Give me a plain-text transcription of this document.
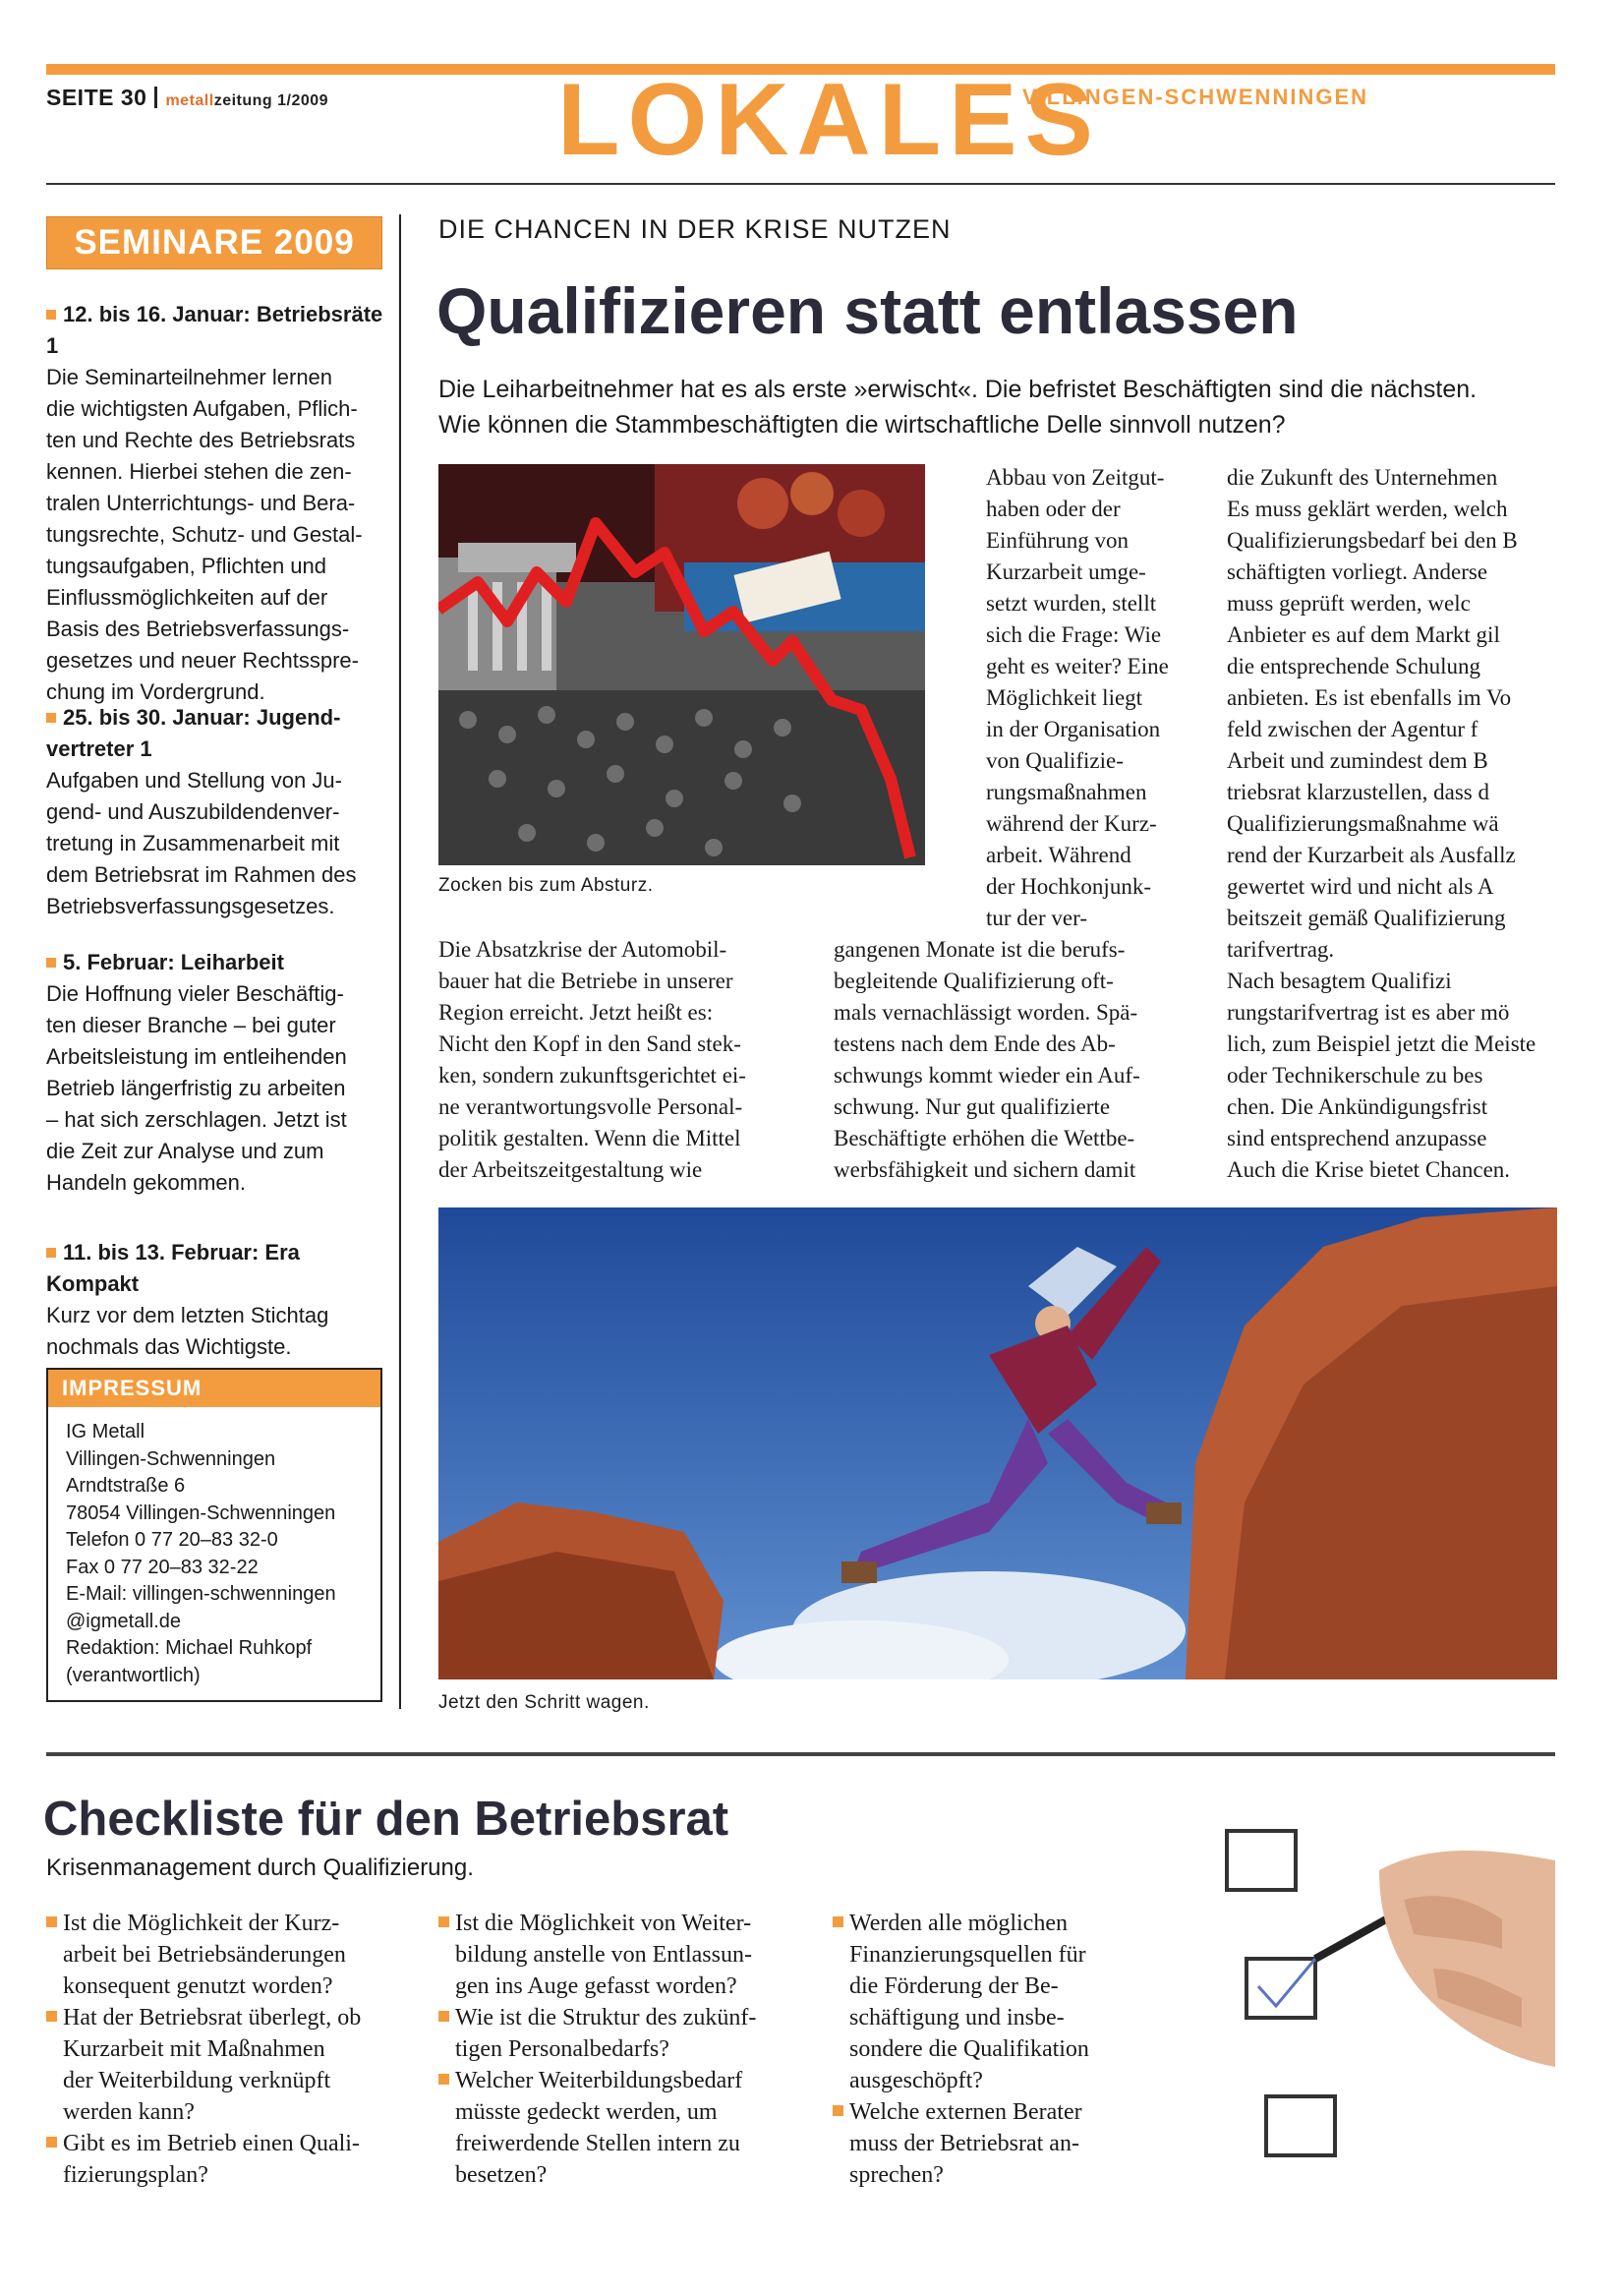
SEITE 30 metallzeitung 1/2009 LOKALES
VILLINGEN-SCHWENNINGEN
SEMINARE 2009
12. bis 16. Januar: Betriebsräte 1
Die Seminarteilnehmer lernen
die wichtigsten Aufgaben, Pflich-
ten und Rechte des Betriebsrats
kennen. Hierbei stehen die zen-
tralen Unterrichtungs- und Bera-
tungsrechte, Schutz- und Gestal-
tungsaufgaben, Pflichten und
Einflussmöglichkeiten auf der
Basis des Betriebsverfassungs-
gesetzes und neuer Rechtsspre-
chung im Vordergrund.
25. bis 30. Januar: Jugend-
vertreter 1
Aufgaben und Stellung von Ju-
gend- und Auszubildendenver-
tretung in Zusammenarbeit mit
dem Betriebsrat im Rahmen des
Betriebsverfassungsgesetzes.
5. Februar: Leiharbeit
Die Hoffnung vieler Beschäftig-
ten dieser Branche – bei guter
Arbeitsleistung im entleihenden
Betrieb längerfristig zu arbeiten
– hat sich zerschlagen. Jetzt ist
die Zeit zur Analyse und zum
Handeln gekommen.
11. bis 13. Februar: Era Kompakt
Kurz vor dem letzten Stichtag
nochmals das Wichtigste.
IMPRESSUM
IG Metall
Villingen-Schwenningen
Arndtstraße 6
78054 Villingen-Schwenningen
Telefon 0 77 20–83 32-0
Fax 0 77 20–83 32-22
E-Mail: villingen-schwenningen
@igmetall.de
Redaktion: Michael Ruhkopf
(verantwortlich)
DIE CHANCEN IN DER KRISE NUTZEN
Qualifizieren statt entlassen
Die Leiharbeitnehmer hat es als erste »erwischt«. Die befristet Beschäftigten sind die nächsten.
Wie können die Stammbeschäftigten die wirtschaftliche Delle sinnvoll nutzen?
Zocken bis zum Absturz.
Abbau von Zeitgut-
haben oder der
Einführung von
Kurzarbeit umge-
setzt wurden, stellt
sich die Frage: Wie
geht es weiter? Eine
Möglichkeit liegt
in der Organisation
von Qualifizie-
rungsmaßnahmen
während der Kurz-
arbeit. Während
der Hochkonjunk-
tur der ver-
Die Absatzkrise der Automobil-
bauer hat die Betriebe in unserer
Region erreicht. Jetzt heißt es:
Nicht den Kopf in den Sand stek-
ken, sondern zukunftsgerichtet ei-
ne verantwortungsvolle Personal-
politik gestalten. Wenn die Mittel
der Arbeitszeitgestaltung wie
gangenen Monate ist die berufs-
begleitende Qualifizierung oft-
mals vernachlässigt worden. Spä-
testens nach dem Ende des Ab-
schwungs kommt wieder ein Auf-
schwung. Nur gut qualifizierte
Beschäftigte erhöhen die Wettbe-
werbsfähigkeit und sichern damit
die Zukunft des Unternehmen
Es muss geklärt werden, welch
Qualifizierungsbedarf bei den B
schäftigten vorliegt. Anderse
muss geprüft werden, welc
Anbieter es auf dem Markt gil
die entsprechende Schulung
anbieten. Es ist ebenfalls im Vo
feld zwischen der Agentur f
Arbeit und zumindest dem B
triebsrat klarzustellen, dass d
Qualifizierungsmaßnahme wä
rend der Kurzarbeit als Ausfallz
gewertet wird und nicht als A
beitszeit gemäß Qualifizierung
tarifvertrag.
Nach besagtem Qualifizi
rungstarifvertrag ist es aber mö
lich, zum Beispiel jetzt die Meiste
oder Technikerschule zu bes
chen. Die Ankündigungsfrist
sind entsprechend anzupasse
Auch die Krise bietet Chancen.
Jetzt den Schritt wagen.
Checkliste für den Betriebsrat
Krisenmanagement durch Qualifizierung.
Ist die Möglichkeit der Kurz-
arbeit bei Betriebsänderungen
konsequent genutzt worden?
Hat der Betriebsrat überlegt, ob
Kurzarbeit mit Maßnahmen
der Weiterbildung verknüpft
werden kann?
Gibt es im Betrieb einen Quali-
fizierungsplan?
Ist die Möglichkeit von Weiter-
bildung anstelle von Entlassun-
gen ins Auge gefasst worden?
Wie ist die Struktur des zukünf-
tigen Personalbedarfs?
Welcher Weiterbildungsbedarf
müsste gedeckt werden, um
freiwerdende Stellen intern zu
besetzen?
Werden alle möglichen
Finanzierungsquellen für
die Förderung der Be-
schäftigung und insbe-
sondere die Qualifikation
ausgeschöpft?
Welche externen Berater
muss der Betriebsrat an-
sprechen?
